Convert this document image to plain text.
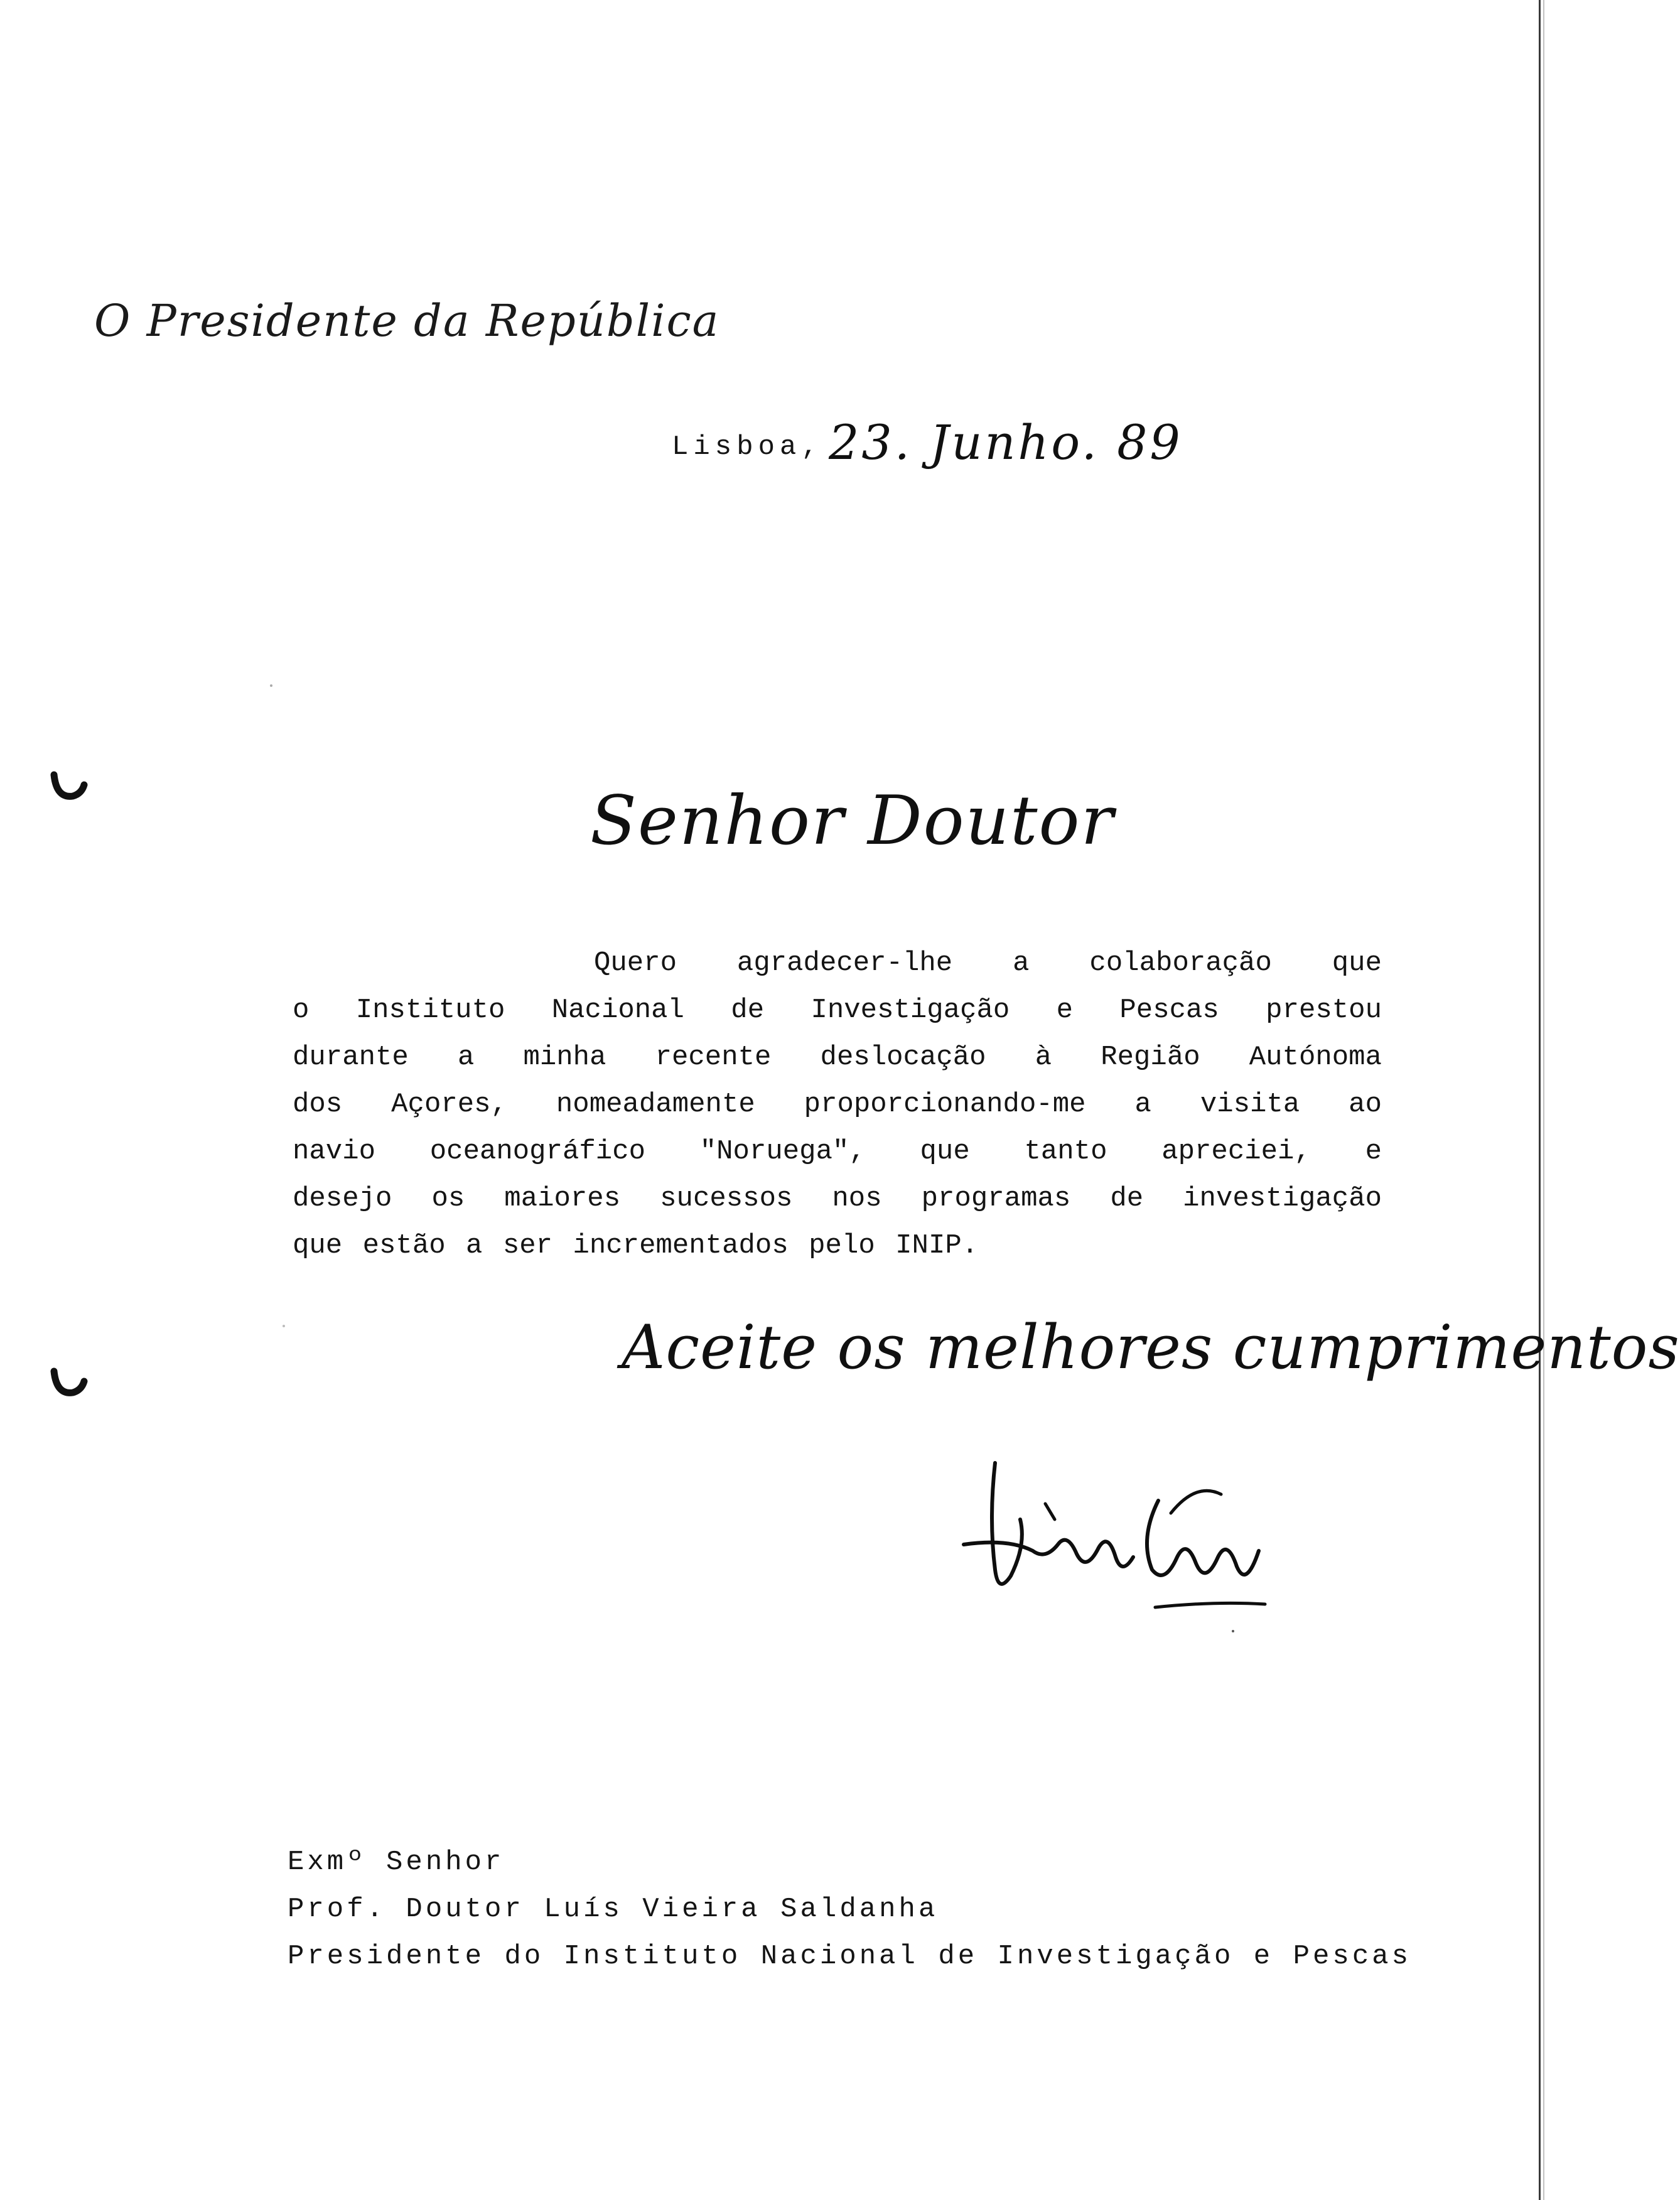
O Presidente da República
Lisboa, 23. Junho. 89
Senhor Doutor
Quero agradecer-lhe a colaboração que
o Instituto Nacional de Investigação e Pescas prestou
durante a minha recente deslocação à Região Autónoma
dos Açores, nomeadamente proporcionando-me a visita ao
navio oceanográfico "Noruega", que tanto apreciei, e
desejo os maiores sucessos nos programas de investigação
que estão a ser incrementados pelo INIP.
Aceite os melhores cumprimentos
Exmº Senhor
Prof. Doutor Luís Vieira Saldanha
Presidente do Instituto Nacional de Investigação e Pescas
